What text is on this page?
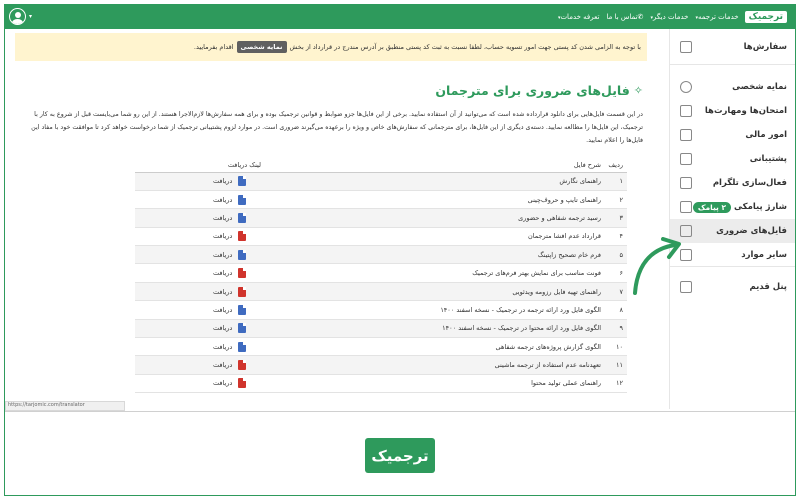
ترجمیک
خدمات ترجمه▾
خدمات دیگر▾
✆تماس با ما
تعرفه خدمات▾
▾
سفارش‌ها
نمایه شخصی
امتحان‌ها ومهارت‌ها
امور مالی
پشتیبانی
فعال‌سازی تلگرام
شارژ پیامکی
۲ پیامک
فایل‌های ضروری
سایر موارد
پنل قدیم
با توجه به الزامی شدن کد پستی جهت امور تسویه حساب، لطفا نسبت به ثبت کد پستی منطبق بر آدرس مندرج در قرارداد از بخش
نمایه شخصی
اقدام بفرمایید.
✧
فایل‌های ضروری برای مترجمان

در این قسمت فایل‌هایی برای دانلود قرارداده شده است که می‌توانید از آن استفاده نمایید. برخی از این فایل‌ها جزو ضوابط و قوانین ترجمیک بوده و برای همه سفارش‌ها لازم‌الاجرا هستند. از این رو شما می‌بایست قبل از شروع به کار با ترجمیک، این فایل‌ها را مطالعه نمایید. دسته‌ی دیگری از این فایل‌ها، برای مترجمانی که سفارش‌های خاص و ویژه را برعهده می‌گیرند ضروری است. در موارد لزوم پشتیبانی ترجمیک از شما درخواست خواهد کرد تا موافقت خود با مفاد این فایل‌ها را اعلام نمایید.

ردیف	شرح فایل	لینک دریافت
۱	راهنمای نگارش	دریافت

۲	راهنمای تایپ و حروف‌چینی	دریافت

۳	رسید ترجمه شفاهی و حضوری	دریافت

۴	قرارداد عدم افشا مترجمان	دریافت

۵	فرم خام تصحیح زاپتینگ	دریافت

۶	فونت مناسب برای نمایش بهتر فرم‌های ترجمیک	دریافت

۷	راهنمای تهیه فایل رزومه ویدئویی	دریافت

۸	الگوی فایل ورد ارائه ترجمه در ترجمیک - نسخه اسفند ۱۴۰۰	دریافت

۹	الگوی فایل ورد ارائه محتوا در ترجمیک - نسخه اسفند ۱۴۰۰	دریافت

۱۰	الگوی گزارش پروژه‌های ترجمه شفاهی	دریافت

۱۱	تعهدنامه عدم استفاده از ترجمه ماشینی	دریافت

۱۲	راهنمای عملی تولید محتوا	دریافت
https://tarjomic.com/translator
ترجمیک
